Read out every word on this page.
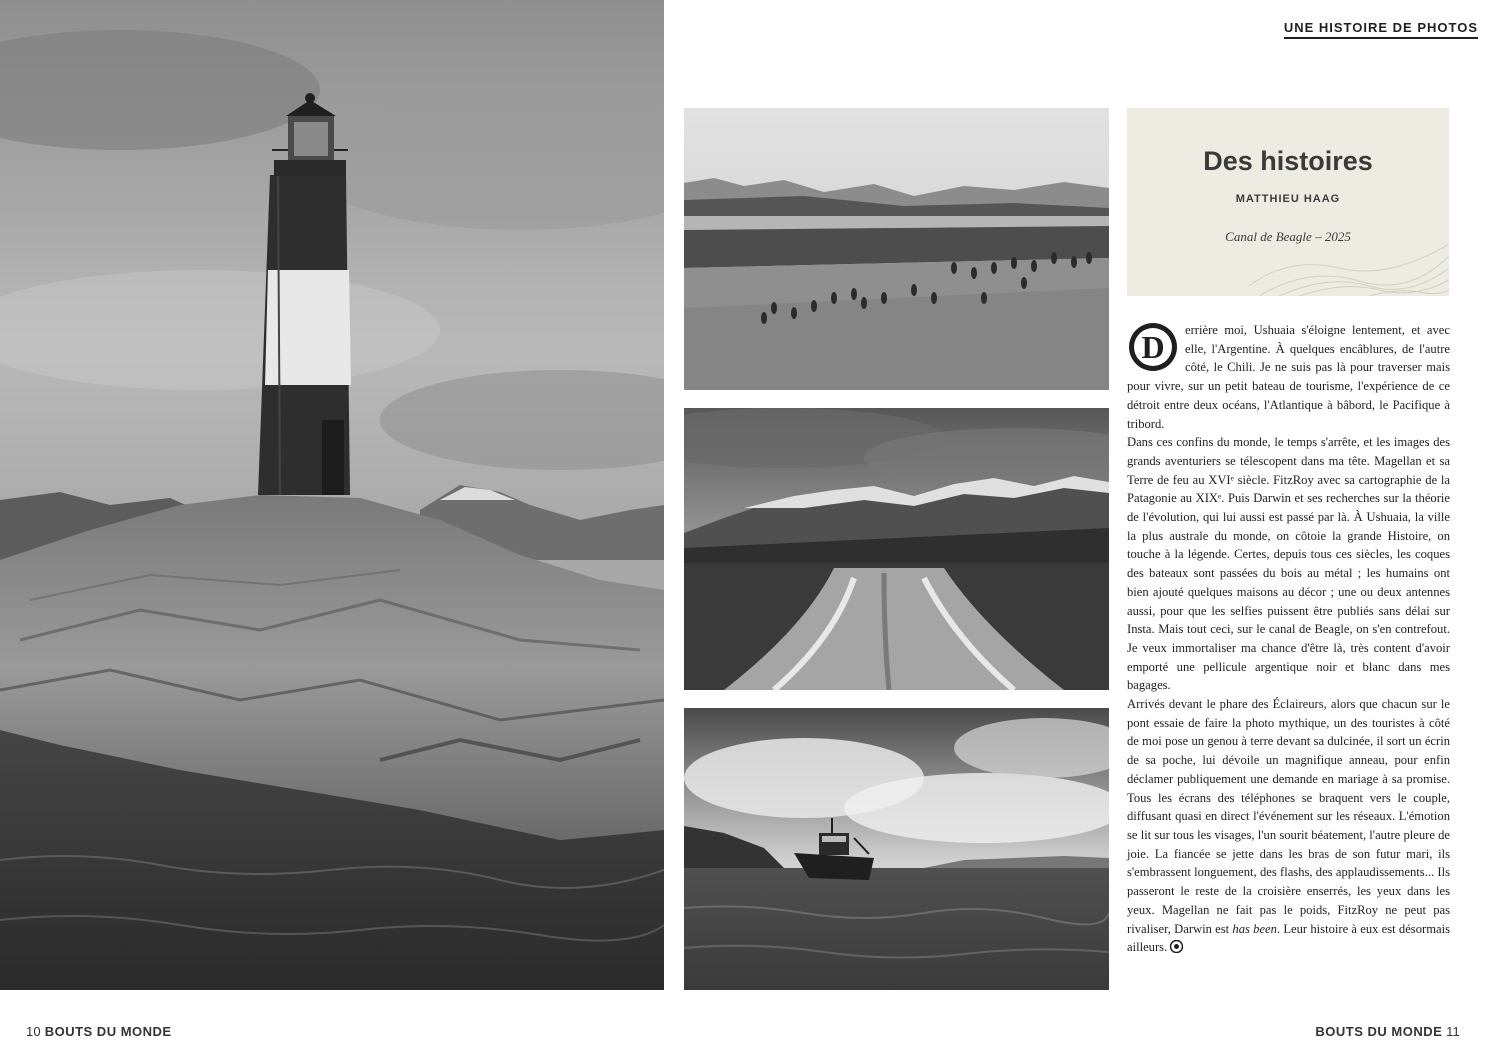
10 BOUTS DU MONDE
UNE HISTOIRE DE PHOTOS
Des histoires
MATTHIEU HAAG
Canal de Beagle – 2025

D errière moi, Ushuaia s'éloigne lentement, et avec elle, l'Argentine. À quelques encâblures, de l'autre côté, le Chili. Je ne suis pas là pour traverser mais pour vivre, sur un petit bateau de tourisme, l'expérience de ce détroit entre deux océans, l'Atlantique à bâbord, le Pacifique à tribord.

Dans ces confins du monde, le temps s'arrête, et les images des grands aventuriers se télescopent dans ma tête. Magellan et sa Terre de feu au XVIᵉ siècle. FitzRoy avec sa cartographie de la Patagonie au XIXᵉ. Puis Darwin et ses recherches sur la théorie de l'évolution, qui lui aussi est passé par là. À Ushuaia, la ville la plus australe du monde, on côtoie la grande Histoire, on touche à la légende. Certes, depuis tous ces siècles, les coques des bateaux sont passées du bois au métal ; les humains ont bien ajouté quelques maisons au décor ; une ou deux antennes aussi, pour que les selfies puissent être publiés sans délai sur Insta. Mais tout ceci, sur le canal de Beagle, on s'en contrefout. Je veux immortaliser ma chance d'être là, très content d'avoir emporté une pellicule argentique noir et blanc dans mes bagages.

Arrivés devant le phare des Éclaireurs, alors que chacun sur le pont essaie de faire la photo mythique, un des touristes à côté de moi pose un genou à terre devant sa dulcinée, il sort un écrin de sa poche, lui dévoile un magnifique anneau, pour enfin déclamer publiquement une demande en mariage à sa promise. Tous les écrans des téléphones se braquent vers le couple, diffusant quasi en direct l'événement sur les réseaux. L'émotion se lit sur tous les visages, l'un sourit béatement, l'autre pleure de joie. La fiancée se jette dans les bras de son futur mari, ils s'embrassent longuement, des flashs, des applaudissements... Ils passeront le reste de la croisière enserrés, les yeux dans les yeux. Magellan ne fait pas le poids, FitzRoy ne peut pas rivaliser, Darwin est has been. Leur histoire à eux est désormais ailleurs.

BOUTS DU MONDE 11
